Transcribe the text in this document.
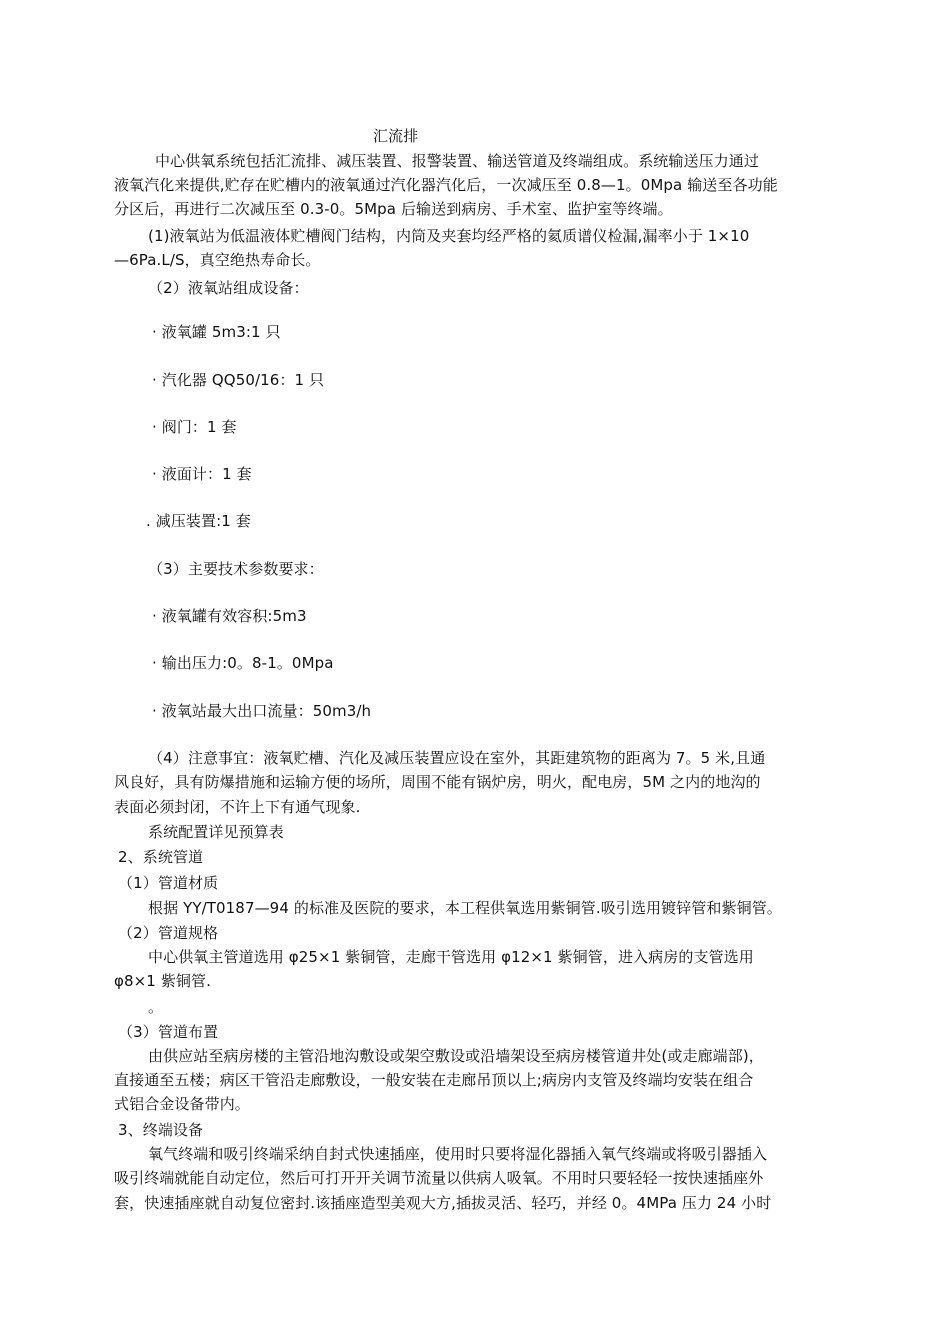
汇流排
中心供氧系统包括汇流排、减压装置、报警装置、输送管道及终端组成。系统输送压力通过
液氧汽化来提供,贮存在贮槽内的液氧通过汽化器汽化后，一次减压至 0.8—1。0Mpa 输送至各功能
分区后，再进行二次减压至 0.3-0。5Mpa 后输送到病房、手术室、监护室等终端。
(1)液氧站为低温液体贮槽阀门结构，内筒及夹套均经严格的氦质谱仪检漏,漏率小于 1×10
—6Pa.L/S，真空绝热寿命长。
（2）液氧站组成设备：
· 液氧罐 5m3:1 只
· 汽化器 QQ50/16：1 只
· 阀门：1 套
· 液面计：1 套
. 减压装置:1 套
（3）主要技术参数要求：
· 液氧罐有效容积:5m3
· 输出压力:0。8-1。0Mpa
· 液氧站最大出口流量：50m3/h
（4）注意事宜：液氧贮槽、汽化及减压装置应设在室外，其距建筑物的距离为 7。5 米,且通
风良好，具有防爆措施和运输方便的场所，周围不能有锅炉房，明火，配电房，5M 之内的地沟的
表面必须封闭，不许上下有通气现象.
系统配置详见预算表
2、系统管道
（1）管道材质
根据 YY/T0187—94 的标准及医院的要求，本工程供氧选用紫铜管.吸引选用镀锌管和紫铜管。
（2）管道规格
中心供氧主管道选用 φ25×1 紫铜管，走廊干管选用 φ12×1 紫铜管，进入病房的支管选用
φ8×1 紫铜管.
。
（3）管道布置
由供应站至病房楼的主管沿地沟敷设或架空敷设或沿墙架设至病房楼管道井处(或走廊端部)，
直接通至五楼；病区干管沿走廊敷设，一般安装在走廊吊顶以上;病房内支管及终端均安装在组合
式铝合金设备带内。
3、终端设备
氧气终端和吸引终端采纳自封式快速插座，使用时只要将湿化器插入氧气终端或将吸引器插入
吸引终端就能自动定位，然后可打开开关调节流量以供病人吸氧。不用时只要轻轻一按快速插座外
套，快速插座就自动复位密封.该插座造型美观大方,插拔灵活、轻巧，并经 0。4MPa 压力 24 小时
